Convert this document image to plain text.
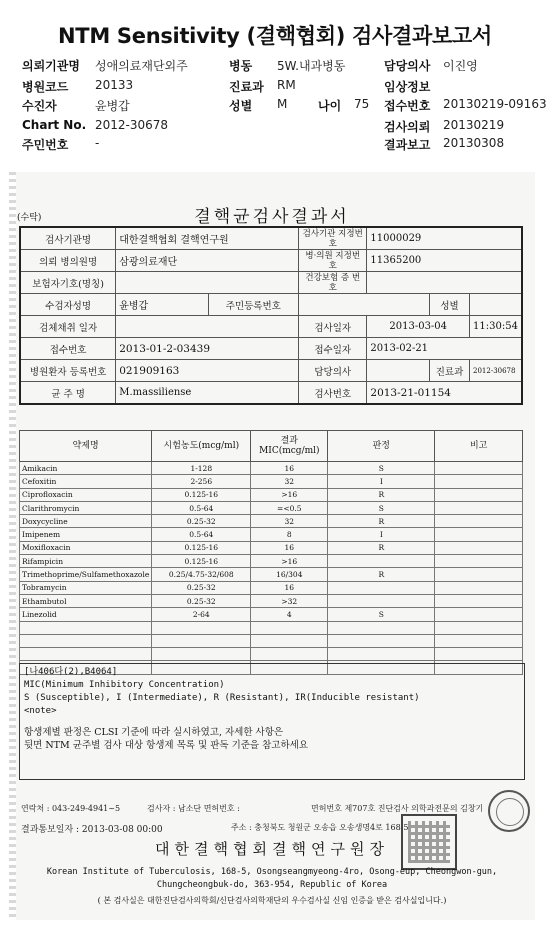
NTM Sensitivity (결핵협회) 검사결과보고서
의뢰기관명 성애의료재단외주	병동 5W.내과병동	담당의사 이진영
병원코드 20133	진료과 RM	임상정보
수진자	윤병갑	성별 M	나이 75 접수번호 20130219-09163
Chart No. 2012-30678	검사의뢰 20130219
주민번호 -	결과보고 20130308
(수탁)	결핵균검사결과서
검사기관명	대한결핵협회 결핵연구원		검사기관 지정번호	11000029		
의뢰 병의원명	삼광의료재단		병·의원 지정번호	11365200		
보험자기호(명칭)			건강보험 증 번호			
수검자성명	윤병갑	주민등록번호			성별	
검체채취 일자			검사일자	2013-03-04		11:30:54
접수번호	2013-01-2-03439		접수일자	2013-02-21		
병원환자 등록번호	021909163		담당의사		진료과	2012-30678
균 주 명	M.massiliense		검사번호	2013-21-01154		
약제명	시험농도(mcg/ml)	결과 MIC(mcg/ml)	판정	비고
Amikacin	1-128	16	S	
Cefoxitin	2-256	32	I	
Ciprofloxacin	0.125-16	>16	R	
Clarithromycin	0.5-64	=<0.5	S	
Doxycycline	0.25-32	32	R	
Imipenem	0.5-64	8	I	
Moxifloxacin	0.125-16	16	R	
Rifampicin	0.125-16	>16		
Trimethoprime/Sulfamethoxazole	0.25/4.75-32/608	16/304	R	
Tobramycin	0.25-32	16		
Ethambutol	0.25-32	>32		
Linezolid	2-64	4	S	

[나406다(2),B4064]
MIC(Minimum Inhibitory Concentration)
S (Susceptible), I (Intermediate), R (Resistant), IR(Inducible resistant)
<note>
항생제별 판정은 CLSI 기준에 따라 실시하였고, 자세한 사항은
뒷면 NTM 균주별 검사 대상 항생제 목록 및 판독 기준을 참고하세요
연락처 : 043-249-4941~5	검사자 : 남소단 면허번호 :	면허번호 제707호 진단검사 의학과전문의 김창기
결과통보일자 : 2013-03-08 00:00	주소 : 충청북도 청원군 오송읍 오송생명4로 168-5
대한결핵협회결핵연구원장
Korean Institute of Tuberculosis, 168-5, Osongseangmyeong-4ro, Osong-eup, Cheongwon-gun,
Chungcheongbuk-do, 363-954, Republic of Korea
( 본 검사실은 대한진단검사의학회/신단검사의학재단의 우수검사실 신임 인증을 받은 검사실입니다.)
